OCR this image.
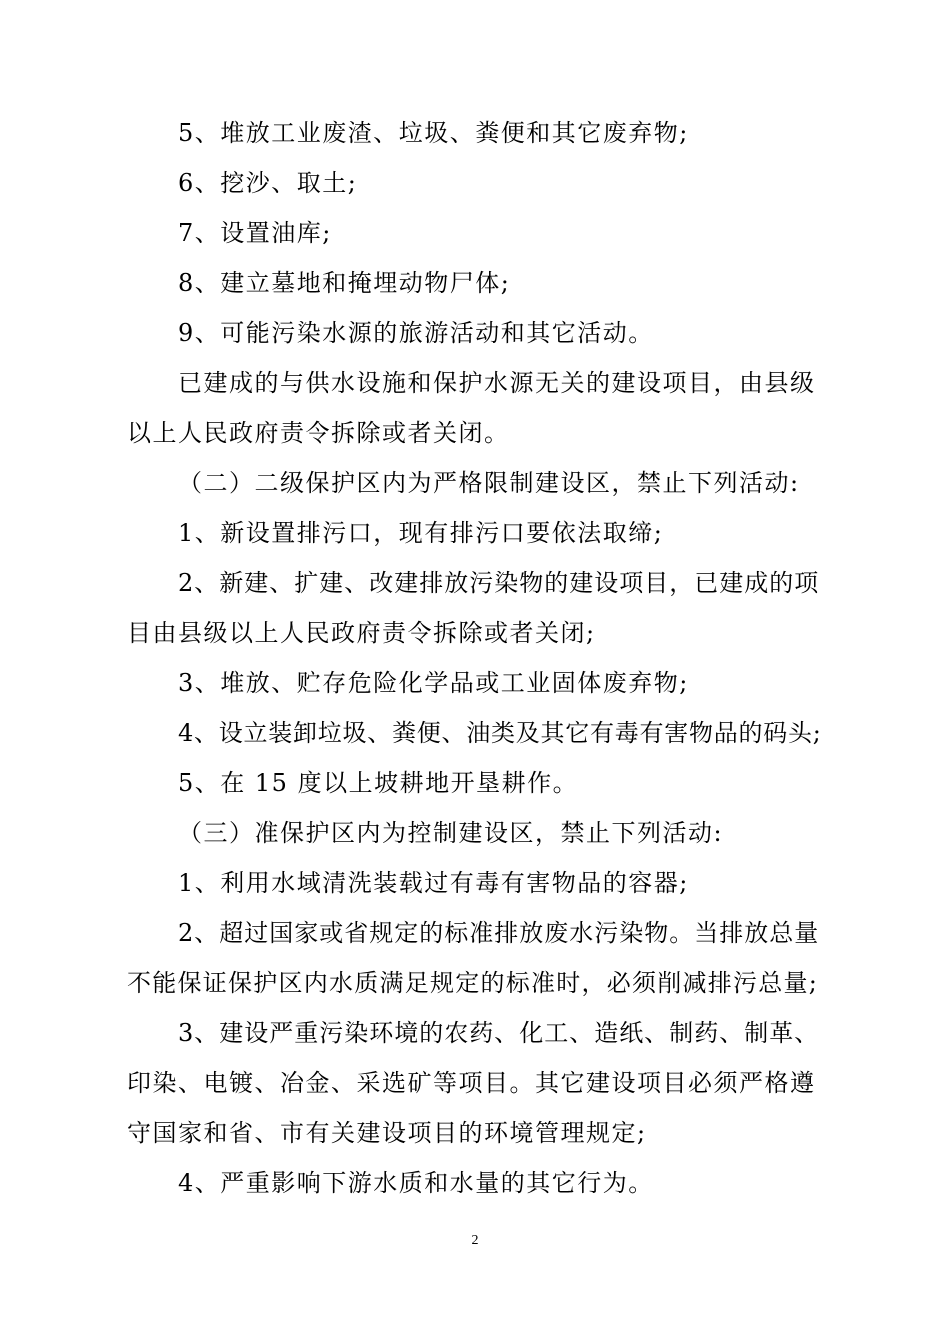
5、堆放工业废渣、垃圾、粪便和其它废弃物;
6、挖沙、取土;
7、设置油库;
8、建立墓地和掩埋动物尸体;
9、可能污染水源的旅游活动和其它活动。
已建成的与供水设施和保护水源无关的建设项目，由县级
以上人民政府责令拆除或者关闭。
（二）二级保护区内为严格限制建设区，禁止下列活动:
1、新设置排污口，现有排污口要依法取缔;
2、新建、扩建、改建排放污染物的建设项目，已建成的项
目由县级以上人民政府责令拆除或者关闭;
3、堆放、贮存危险化学品或工业固体废弃物;
4、设立装卸垃圾、粪便、油类及其它有毒有害物品的码头;
5、在 15 度以上坡耕地开垦耕作。
（三）准保护区内为控制建设区，禁止下列活动:
1、利用水域清洗装载过有毒有害物品的容器;
2、超过国家或省规定的标准排放废水污染物。当排放总量
不能保证保护区内水质满足规定的标准时，必须削减排污总量;
3、建设严重污染环境的农药、化工、造纸、制药、制革、
印染、电镀、冶金、采选矿等项目。其它建设项目必须严格遵
守国家和省、市有关建设项目的环境管理规定;
4、严重影响下游水质和水量的其它行为。
2
